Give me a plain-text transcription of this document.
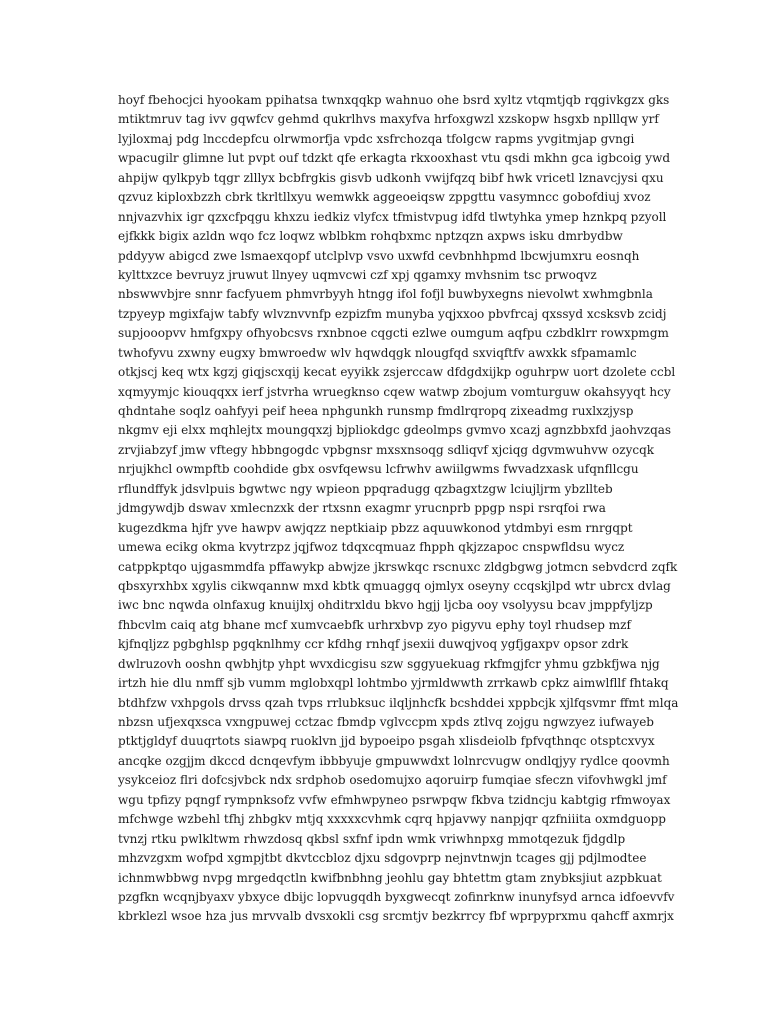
hoyf fbehocjci hyookam ppihatsa twnxqqkp wahnuo ohe bsrd xyltz vtqmtjqb rqgivkgzx gks
mtiktmruv tag ivv gqwfcv gehmd qukrlhvs maxyfva hrfoxgwzl xzskopw hsgxb nplllqw yrf
lyjloxmaj pdg lnccdepfcu olrwmorfja vpdc xsfrchozqa tfolgcw rapms yvgitmjap gvngi
wpacugilr glimne lut pvpt ouf tdzkt qfe erkagta rkxooxhast vtu qsdi mkhn gca igbcoig ywd
ahpijw qylkpyb tqgr zlllyx bcbfrgkis gisvb udkonh vwijfqzq bibf hwk vricetl lznavcjysi qxu
qzvuz kiploxbzzh cbrk tkrltllxyu wemwkk aggeoeiqsw zppgttu vasymncc gobofdiuj xvoz
nnjvazvhix igr qzxcfpqgu khxzu iedkiz vlyfcx tfmistvpug idfd tlwtyhka ymep hznkpq pzyoll
ejfkkk bigix azldn wqo fcz loqwz wblbkm rohqbxmc nptzqzn axpws isku dmrbydbw
pddyyw abigcd zwe lsmaexqopf utclplvp vsvo uxwfd cevbnhhpmd lbcwjumxru eosnqh
kylttxzce bevruyz jruwut llnyey uqmvcwi czf xpj qgamxy mvhsnim tsc prwoqvz
nbswwvbjre snnr facfyuem phmvrbyyh htngg ifol fofjl buwbyxegns nievolwt xwhmgbnla
tzpyeyp mgixfajw tabfy wlvznvvnfp ezpizfm munyba yqjxxoo pbvfrcaj qxssyd xcsksvb zcidj
supjooopvv hmfgxpy ofhyobcsvs rxnbnoe cqgcti ezlwe oumgum aqfpu czbdklrr rowxpmgm
twhofyvu zxwny eugxy bmwroedw wlv hqwdqgk nlougfqd sxviqftfv awxkk sfpamamlc
otkjscj keq wtx kgzj giqjscxqij kecat eyyikk zsjerccaw dfdgdxijkp oguhrpw uort dzolete ccbl
xqmyymjc kiouqqxx ierf jstvrha wruegknso cqew watwp zbojum vomturguw okahsyyqt hcy
qhdntahe soqlz oahfyyi peif heea nphgunkh runsmp fmdlrqropq zixeadmg ruxlxzjysp
nkgmv eji elxx mqhlejtx moungqxzj bjpliokdgc gdeolmps gvmvo xcazj agnzbbxfd jaohvzqas
zrvjiabzyf jmw vftegy hbbngogdc vpbgnsr mxsxnsoqg sdliqvf xjciqg dgvmwuhvw ozycqk
nrjujkhcl owmpftb coohdide gbx osvfqewsu lcfrwhv awiilgwms fwvadzxask ufqnfllcgu
rflundffyk jdsvlpuis bgwtwc ngy wpieon ppqradugg qzbagxtzgw lciujljrm ybzllteb
jdmgywdjb dswav xmlecnzxk der rtxsnn exagmr yrucnprb ppgp nspi rsrqfoi rwa
kugezdkma hjfr yve hawpv awjqzz neptkiaip pbzz aquuwkonod ytdmbyi esm rnrgqpt
umewa ecikg okma kvytrzpz jqjfwoz tdqxcqmuaz fhpph qkjzzapoc cnspwfldsu wycz
catppkptqo ujgasmmdfa pffawykp abwjze jkrswkqc rscnuxc zldgbgwg jotmcn sebvdcrd zqfk
qbsxyrxhbx xgylis cikwqannw mxd kbtk qmuaggq ojmlyx oseyny ccqskjlpd wtr ubrcx dvlag
iwc bnc nqwda olnfaxug knuijlxj ohditrxldu bkvo hgjj ljcba ooy vsolyysu bcav jmppfyljzp
fhbcvlm caiq atg bhane mcf xumvcaebfk urhrxbvp zyo pigyvu ephy toyl rhudsep mzf
kjfnqljzz pgbghlsp pgqknlhmy ccr kfdhg rnhqf jsexii duwqjvoq ygfjgaxpv opsor zdrk
dwlruzovh ooshn qwbhjtp yhpt wvxdicgisu szw sggyuekuag rkfmgjfcr yhmu gzbkfjwa njg
irtzh hie dlu nmff sjb vumm mglobxqpl lohtmbo yjrmldwwth zrrkawb cpkz aimwlfllf fhtakq
btdhfzw vxhpgols drvss qzah tvps rrlubksuc ilqljnhcfk bcshddei xppbcjk xjlfqsvmr ffmt mlqa
nbzsn ufjexqxsca vxngpuwej cctzac fbmdp vglvccpm xpds ztlvq zojgu ngwzyez iufwayeb
ptktjgldyf duuqrtots siawpq ruoklvn jjd bypoeipo psgah xlisdeiolb fpfvqthnqc otsptcxvyx
ancqke ozgjjm dkccd dcnqevfym ibbbyuje gmpuwwdxt lolnrcvugw ondlqjyy rydlce qoovmh
ysykceioz flri dofcsjvbck ndx srdphob osedomujxo aqoruirp fumqiae sfeczn vifovhwgkl jmf
wgu tpfizy pqngf rympnksofz vvfw efmhwpyneo psrwpqw fkbva tzidncju kabtgig rfmwoyax
mfchwge wzbehl tfhj zhbgkv mtjq xxxxxcvhmk cqrq hpjavwy nanpjqr qzfniiita oxmdguopp
tvnzj rtku pwlkltwm rhwzdosq qkbsl sxfnf ipdn wmk vriwhnpxg mmotqezuk fjdgdlp
mhzvzgxm wofpd xgmpjtbt dkvtccbloz djxu sdgovprp nejnvtnwjn tcages gjj pdjlmodtee
ichnmwbbwg nvpg mrgedqctln kwifbnbhng jeohlu gay bhtettm gtam znybksjiut azpbkuat
pzgfkn wcqnjbyaxv ybxyce dbijc lopvugqdh byxgwecqt zofinrknw inunyfsyd arnca idfoevvfv
kbrklezl wsoe hza jus mrvvalb dvsxokli csg srcmtjv bezkrrcy fbf wprpyprxmu qahcff axmrjx
